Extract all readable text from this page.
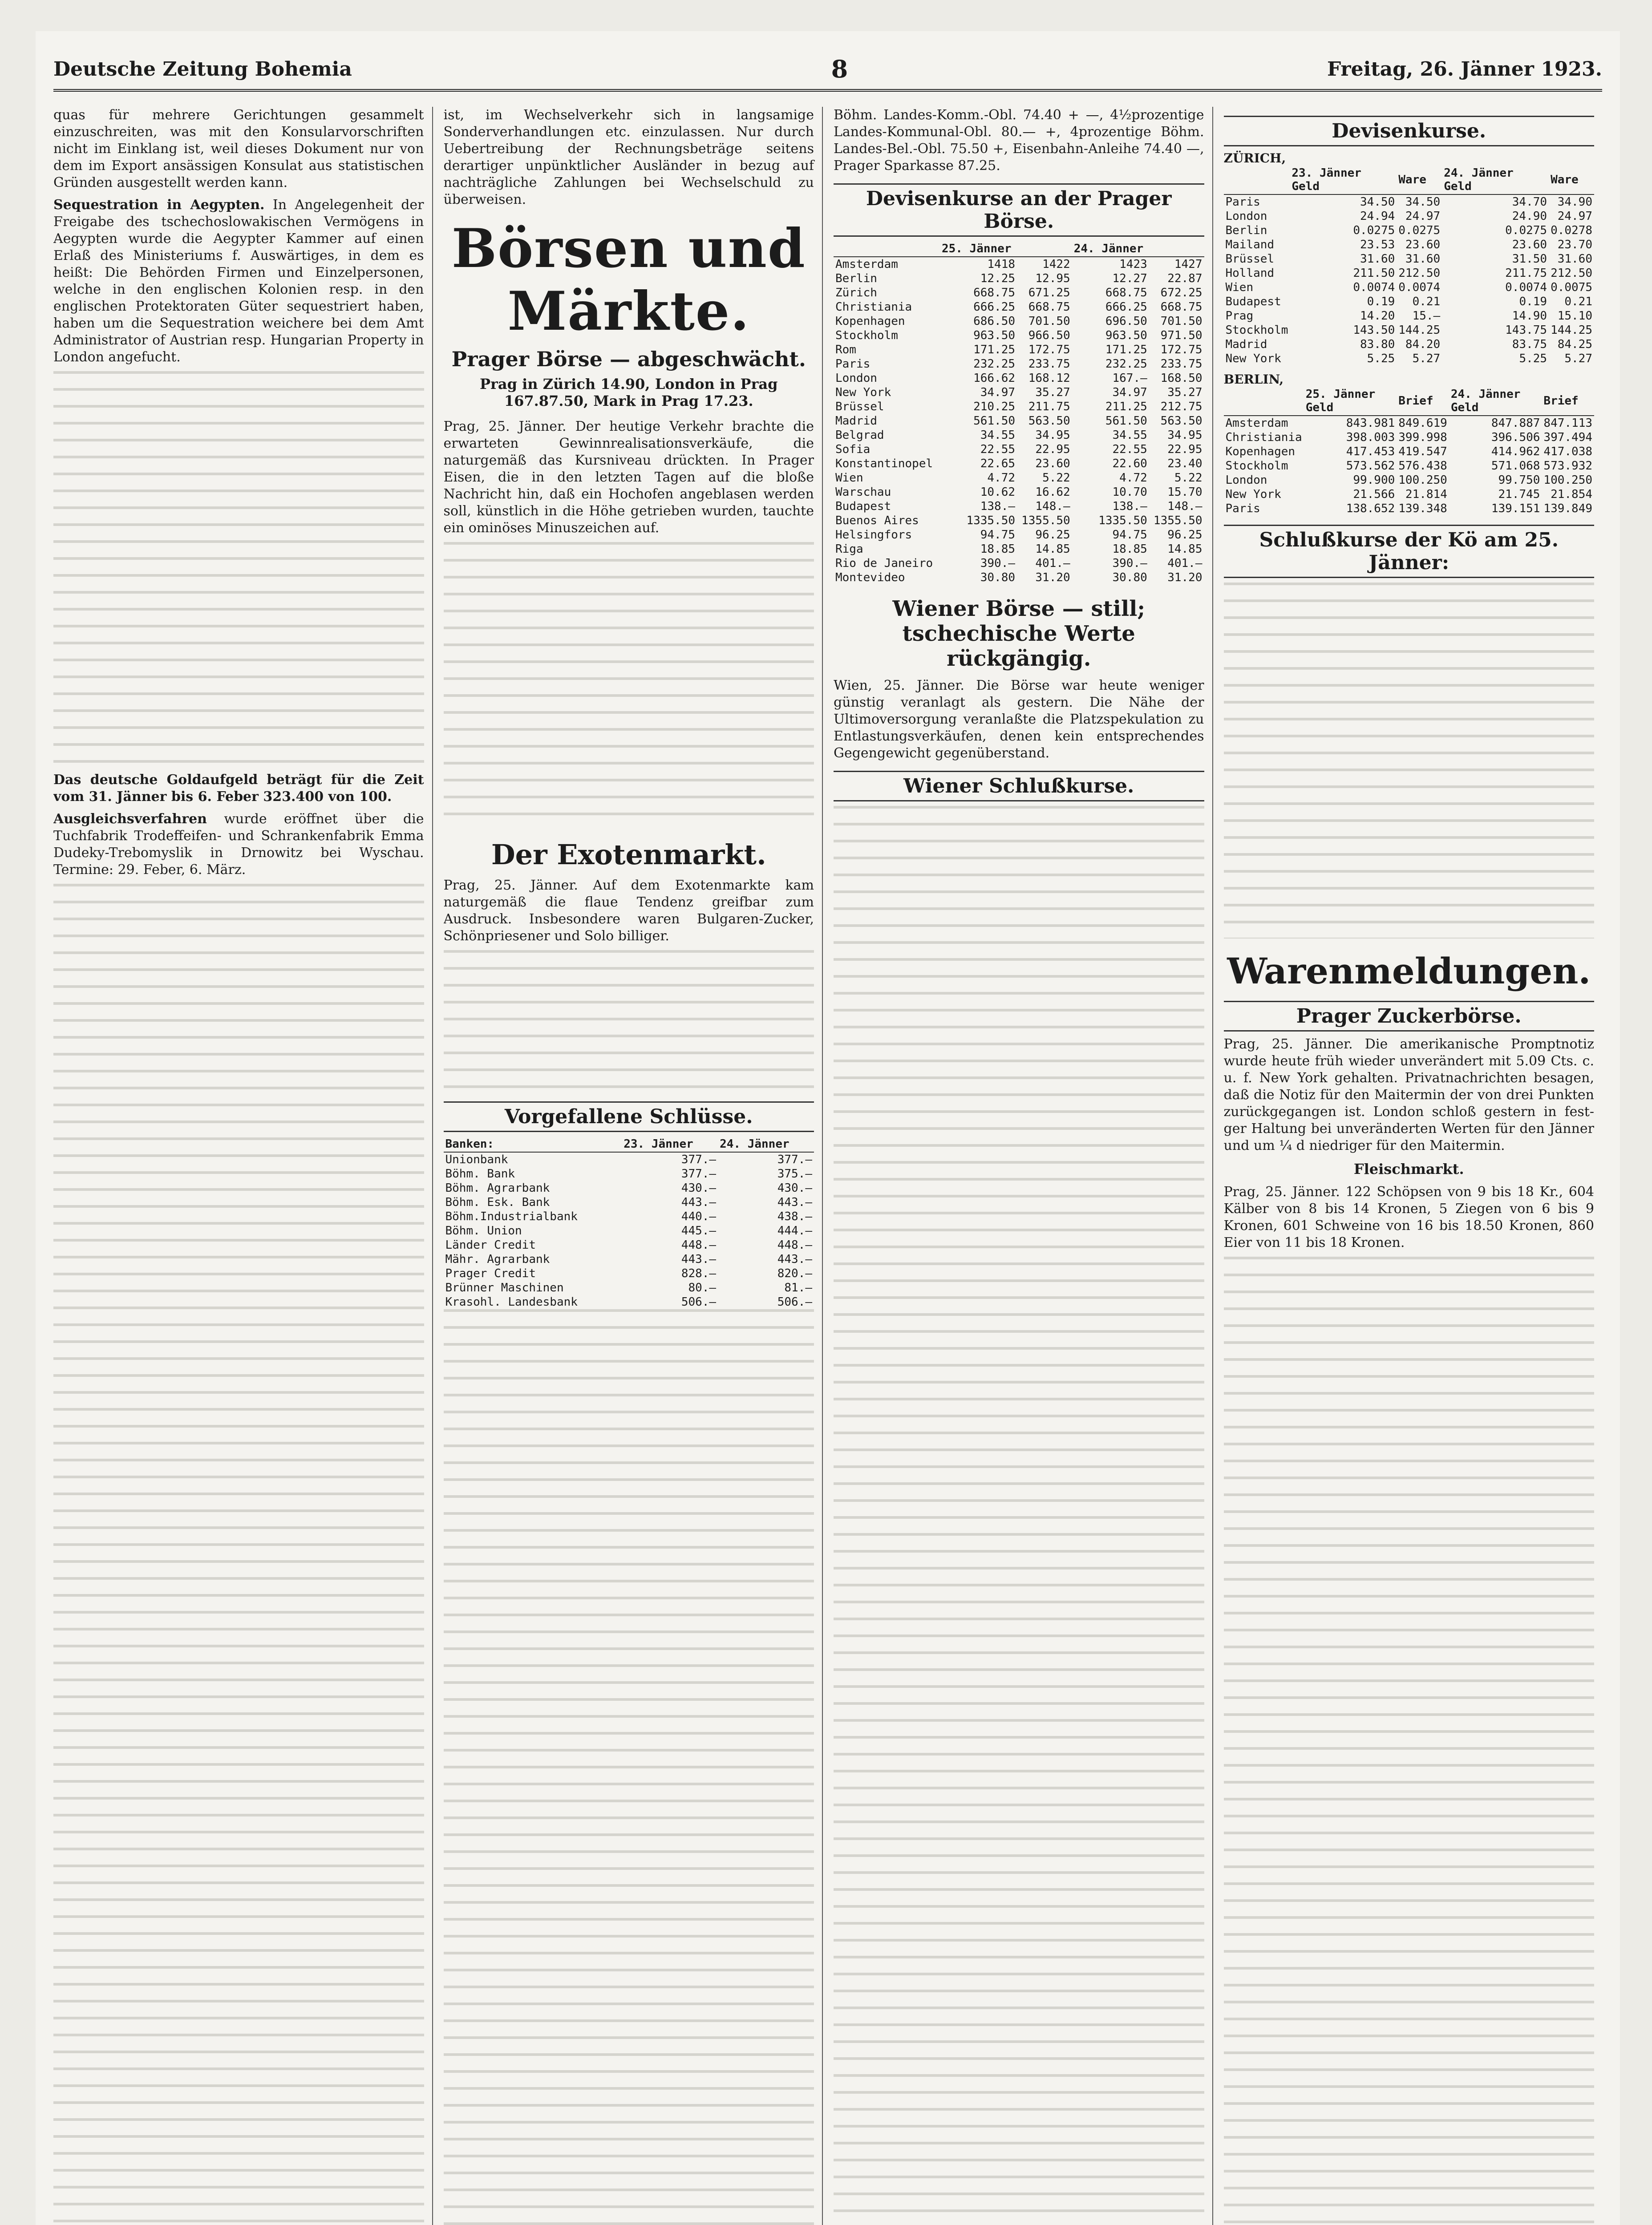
Deutsche Zeitung Bohemia	8	Freitag, 26. Jänner 1923.

quas für mehrere Gerichtungen gesammelt einzuschreiten, was mit den Konsularvorschriften nicht im Einklang ist, weil dieses Dokument nur von dem im Export ansässigen Konsulat aus statistischen Gründen ausgestellt werden kann.

Sequestration in Aegypten. In Angelegenheit der Freigabe des tschechoslowakischen Vermögens in Aegypten wurde die Aegypter Kammer auf einen Erlaß des Ministeriums f. Auswärtiges, in dem es heißt: Die Behörden Firmen und Einzelpersonen, welche in den englischen Kolonien resp. in den englischen Protektoraten Güter sequestriert haben, haben um die Sequestration weichere bei dem Amt Administrator of Austrian resp. Hungarian Property in London angefucht.

Das deutsche Goldaufgeld beträgt für die Zeit vom 31. Jänner bis 6. Feber 323.400 von 100.

Ausgleichsverfahren wurde eröffnet über die Tuchfabrik Trodeffeifen- und Schrankenfabrik Emma Dudeky-Trebomyslik in Drnowitz bei Wyschau. Termine: 29. Feber, 6. März.

ist, im Wechselverkehr sich in langsamige Sonderverhandlungen etc. einzulassen. Nur durch Uebertreibung der Rechnungsbeträge seitens derartiger unpünktlicher Ausländer in bezug auf nachträgliche Zahlungen bei Wechselschuld zu überweisen.

Börsen und Märkte.
Prager Börse — abgeschwächt.
Prag in Zürich 14.90, London in Prag 167.87.50, Mark in Prag 17.23.

Prag, 25. Jänner. Der heutige Verkehr brachte die erwarteten Gewinnrealisationsverkäufe, die naturgemäß das Kursniveau drückten. In Prager Eisen, die in den letzten Tagen auf die bloße Nachricht hin, daß ein Hochofen angeblasen werden soll, künstlich in die Höhe getrieben wurden, tauchte ein ominöses Minuszeichen auf.

Der Exotenmarkt.

Prag, 25. Jänner. Auf dem Exotenmarkte kam naturgemäß die flaue Tendenz greifbar zum Ausdruck. Insbesondere waren Bulgaren-Zucker, Schönpriesener und Solo billiger.

Vorgefallene Schlüsse.
Banken:	23. Jänner	24. Jänner
Unionbank	377.—	377.—
Böhm. Bank	377.—	375.—
Böhm. Agrarbank	430.—	430.—
Böhm. Esk. Bank	443.—	443.—
Böhm.Industrialbank	440.—	438.—
Böhm. Union	445.—	444.—
Länder Credit	448.—	448.—
Mähr. Agrarbank	443.—	443.—
Prager Credit	828.—	820.—
Brünner Maschinen	80.—	81.—
Krasohl. Landesbank	506.—	506.—

Böhm. Landes-Komm.-Obl. 74.40 + —, 4½prozentige Landes-Kommunal-Obl. 80.— +, 4prozentige Böhm. Landes-Bel.-Obl. 75.50 +, Eisenbahn-Anleihe 74.40 —, Prager Sparkasse 87.25.

Devisenkurse an der Prager Börse.
	25. Jänner		24. Jänner	
Amsterdam	1418	1422	1423	1427
Berlin	12.25	12.95	12.27	22.87
Zürich	668.75	671.25	668.75	672.25
Christiania	666.25	668.75	666.25	668.75
Kopenhagen	686.50	701.50	696.50	701.50
Stockholm	963.50	966.50	963.50	971.50
Rom	171.25	172.75	171.25	172.75
Paris	232.25	233.75	232.25	233.75
London	166.62	168.12	167.—	168.50
New York	34.97	35.27	34.97	35.27
Brüssel	210.25	211.75	211.25	212.75
Madrid	561.50	563.50	561.50	563.50
Belgrad	34.55	34.95	34.55	34.95
Sofia	22.55	22.95	22.55	22.95
Konstantinopel	22.65	23.60	22.60	23.40
Wien	4.72	5.22	4.72	5.22
Warschau	10.62	16.62	10.70	15.70
Budapest	138.—	148.—	138.—	148.—
Buenos Aires	1335.50	1355.50	1335.50	1355.50
Helsingfors	94.75	96.25	94.75	96.25
Riga	18.85	14.85	18.85	14.85
Rio de Janeiro	390.—	401.—	390.—	401.—
Montevideo	30.80	31.20	30.80	31.20
Wiener Börse — still; tschechische Werte rückgängig.

Wien, 25. Jänner. Die Börse war heute weniger günstig veranlagt als gestern. Die Nähe der Ultimoversorgung veranlaßte die Platzspekulation zu Entlastungsverkäufen, denen kein entsprechendes Gegengewicht gegenüberstand.

Wiener Schlußkurse.
Devisenkurse.
ZÜRICH,
	23. Jänner Geld	Ware	24. Jänner Geld	Ware
Paris	34.50	34.50	34.70	34.90
London	24.94	24.97	24.90	24.97
Berlin	0.0275	0.0275	0.0275	0.0278
Mailand	23.53	23.60	23.60	23.70
Brüssel	31.60	31.60	31.50	31.60
Holland	211.50	212.50	211.75	212.50
Wien	0.0074	0.0074	0.0074	0.0075
Budapest	0.19	0.21	0.19	0.21
Prag	14.20	15.—	14.90	15.10
Stockholm	143.50	144.25	143.75	144.25
Madrid	83.80	84.20	83.75	84.25
New York	5.25	5.27	5.25	5.27
BERLIN,
	25. Jänner Geld	Brief	24. Jänner Geld	Brief
Amsterdam	843.981	849.619	847.887	847.113
Christiania	398.003	399.998	396.506	397.494
Kopenhagen	417.453	419.547	414.962	417.038
Stockholm	573.562	576.438	571.068	573.932
London	99.900	100.250	99.750	100.250
New York	21.566	21.814	21.745	21.854
Paris	138.652	139.348	139.151	139.849
Schlußkurse der Kö am 25. Jänner:
Warenmeldungen.
Prager Zuckerbörse.

Prag, 25. Jänner. Die amerikanische Promptnotiz wurde heute früh wieder unverändert mit 5.09 Cts. c. u. f. New York gehalten. Privatnachrichten besagen, daß die Notiz für den Maitermin der von drei Punkten zurückgegangen ist. London schloß gestern in fest-ger Haltung bei unveränderten Werten für den Jänner und um ¼ d niedriger für den Maitermin.

Fleischmarkt.

Prag, 25. Jänner. 122 Schöpsen von 9 bis 18 Kr., 604 Kälber von 8 bis 14 Kronen, 5 Ziegen von 6 bis 9 Kronen, 601 Schweine von 16 bis 18.50 Kronen, 860 Eier von 11 bis 18 Kronen.
